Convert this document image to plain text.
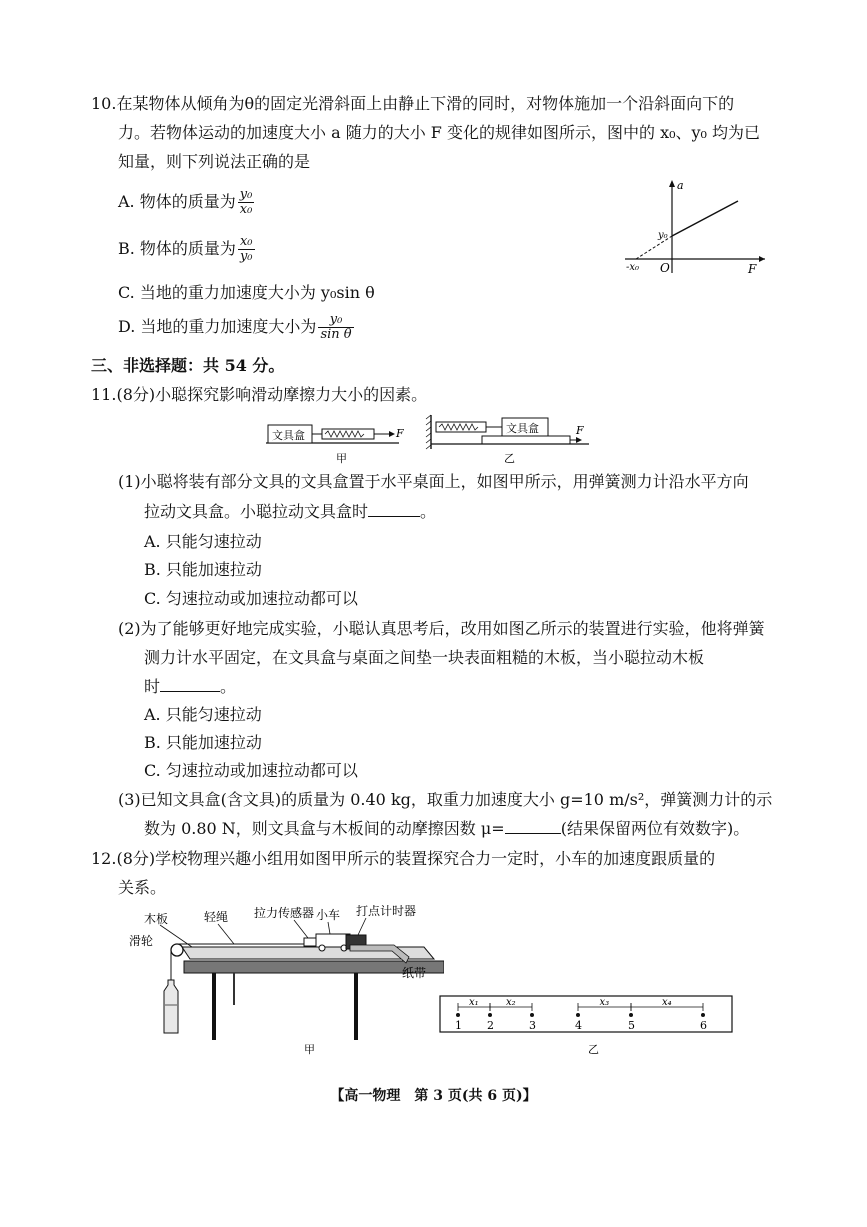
10.在某物体从倾角为θ的固定光滑斜面上由静止下滑的同时，对物体施加一个沿斜面向下的
力。若物体运动的加速度大小 a 随力的大小 F 变化的规律如图所示，图中的 x₀、y₀ 均为已
知量，则下列说法正确的是
A. 物体的质量为 $\frac{\text{y₀}}{\text{x₀}}$
B. 物体的质量为 $\frac{\text{x₀}}{\text{y₀}}$
C. 当地的重力加速度大小为 y₀sin θ
D. 当地的重力加速度大小为 $\frac{\text{y₀}}{\text{sin θ}}$
a
F
O
y₀
-x₀
三、非选择题：共 54 分。
11.(8分)小聪探究影响滑动摩擦力大小的因素。
文具盒	F
甲
文具盒	F
乙
(1)小聪将装有部分文具的文具盒置于水平桌面上，如图甲所示，用弹簧测力计沿水平方向
拉动文具盒。小聪拉动文具盒时	。
A. 只能匀速拉动
B. 只能加速拉动
C. 匀速拉动或加速拉动都可以
(2)为了能够更好地完成实验，小聪认真思考后，改用如图乙所示的装置进行实验，他将弹簧
测力计水平固定，在文具盒与桌面之间垫一块表面粗糙的木板，当小聪拉动木板
时	。
A. 只能匀速拉动
B. 只能加速拉动
C. 匀速拉动或加速拉动都可以
(3)已知文具盒(含文具)的质量为 0.40 kg，取重力加速度大小 g=10 m/s²，弹簧测力计的示
数为 0.80 N，则文具盒与木板间的动摩擦因数 μ=	(结果保留两位有效数字)。
12.(8分)学校物理兴趣小组用如图甲所示的装置探究合力一定时，小车的加速度跟质量的
关系。
木板	轻绳 拉力传感器 小车 打点计时器
滑轮
纸带
甲
1 2	3	4	5	6
x₁	x₂	x₃	x₄
乙
【高一物理　第 3 页(共 6 页)】
